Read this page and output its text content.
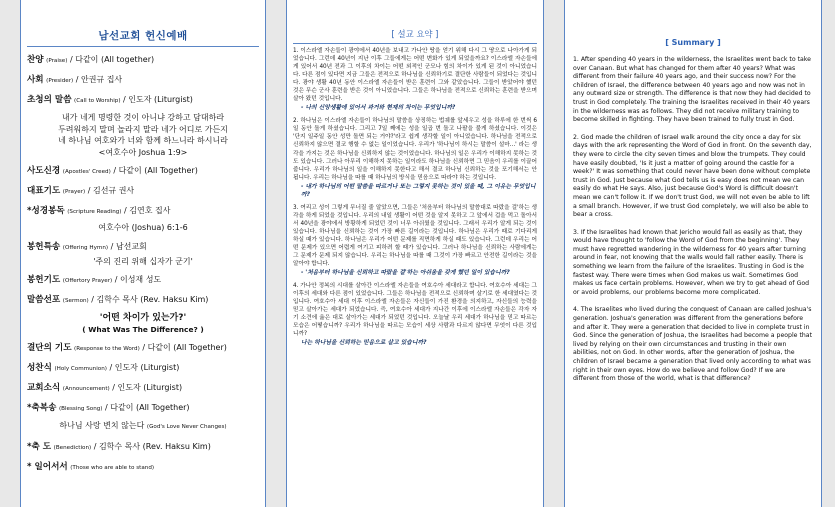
남선교회 헌신예배
찬양 (Praise) / 다같이 (All together)
사회 (Presider) / 안권규 집사
초청의 말씀 (Call to Worship) / 인도자 (Liturgist)
내가 네게 명령한 것이 아니냐 강하고 담대하라
두려워하지 말며 놀라지 말라 네가 어디로 가든지
네 하나님 여호와가 너와 함께 하느니라 하시니라
<여호수아 Joshua 1:9>
사도신경 (Apostles' Creed) / 다같이 (All Together)
대표기도 (Prayer) / 김선규 권사
*성경봉독 (Scripture Reading) / 김연호 집사
여호수아 (Joshua) 6:1-6
봉헌특송 (Offering Hymn) / 남선교회
'주의 진리 위해 십자가 군기'
봉헌기도 (Offertory Prayer) / 이성재 성도
말씀선포 (Sermon) / 김학수 목사 (Rev. Haksu Kim)
'어떤 차이가 있는가?'
( What Was The Difference? )
결단의 기도 (Response to the Word) / 다같이 (All Together)
성찬식 (Holy Communion) / 인도자 (Liturgist)
교회소식 (Announcement) / 인도자 (Liturgist)
*축복송 (Blessing Song) / 다같이 (All Together)
하나님 사랑 변치 않는다 (God's Love Never Changes)
*축 도 (Benediction) / 김학수 목사 (Rev. Haksu Kim)
* 일어서서 (Those who are able to stand)
[ 설교 요약 ]

1. 이스라엘 자손들이 광야에서 40년을 보내고 가나안 땅을 얻기 위해 다시 그 땅으로 나아가게 되었습니다. 그런데 40년이 지난 이후 그들에게는 어떤 변화가 있게 되었을까요? 이스라엘 자손들에게 있어서 40년 전과 그 이후의 차이는 어떤 외적인 군모나 힘의 차이가 있게 된 것이 아니었습니다. 다른 점이 있다면 지금 그들은 전적으로 하나님을 신뢰하기로 결단한 사람들이 되었다는 것입니다. 광야 생활 40년 동안 이스라엘 자손들이 받은 훈련이 그와 같았습니다. 그들이 받았어야 했던 것은 무슨 군사 훈련을 받은 것이 아니었습니다. 그들은 하나님을 전적으로 신뢰하는 훈련을 받으며 살아 왔던 것입니다.

- 나의 신앙생활에 있어서 과거와 현재의 차이는 무엇입니까?

2. 하나님은 이스라엘 자손들이 하나님의 말씀을 상징하는 법궤를 앞세우고 성을 하루에 한 번씩 6일 동안 돌게 하셨습니다. 그리고 7일 째에는 성을 일곱 번 돌고 나팔을 불게 하셨습니다. 이것은 '단지 일주일 동안 성만 돌면 되는 거야?'라고 쉽게 생각할 일이 아니었습니다. 하나님을 전적으로 신뢰하지 않으면 결코 행할 수 없는 일이었습니다. 우리가 '하나님이 하시는 말씀이 설마...' 라는 생각을 가지는 것은 하나님을 신뢰하지 않는 것이었습니다. 하나님의 일은 우리가 이해하지 못하는 것도 있습니다. 그러나 아무리 이해하지 못하는 일이라도 하나님을 신뢰하면 그 믿음이 우리를 이끌어 줍니다. 우리가 하나님의 일을 이해하지 못한다고 해서 결코 하나님 신뢰하는 것을 포기해서는 안 됩니다. 우리는 하나님을 따를 때 하나님의 방식을 믿음으로 따라야 하는 것입니다.

- 내가 하나님의 어떤 말씀을 따르거나 또는 그렇지 못하는 것이 있을 때, 그 이유는 무엇입니까?

3. 여리고 성이 그렇게 무너질 줄 알았으면, 그들은 '처음부터 하나님의 말씀대로 따랐을 걸'하는 생각을 하게 되었을 것입니다. 우리의 내일 생활이 어떤 것을 알지 못하고 그 앞에서 겁을 먹고 돌아서서 40년을 광야에서 방황하게 되었던 것이 너무 아쉬웠을 것입니다. 그래서 우리가 알게 되는 것이 있습니다. 하나님을 신뢰하는 것이 가장 빠른 길이라는 것입니다. 하나님은 우리가 때로 기다리게 하실 때가 있습니다. 하나님은 우리가 어떤 문제를 직면하게 하실 때도 있습니다. 그런데 우리는 어떤 문제가 있으면 어렵게 여기고 피하려 할 때가 있습니다. 그러나 하나님을 신뢰하는 사람에게는 그 문제가 문제 되지 않습니다. 우리는 하나님을 따를 때 그것이 가장 빠르고 안전한 길이라는 것을 알아야 합니다.

- '처음부터 하나님을 신뢰하고 따랐을 걸'하는 아쉬움을 갖게 했던 일이 있습니까?

4. 가나안 정복의 시대를 살아간 이스라엘 자손들을 여호수아 세대라고 합니다. 여호수아 세대는 그 이후의 세대와 다른 점이 있었습니다. 그들은 하나님을 전적으로 신뢰하며 살기로 한 세대였다는 것입니다. 여호수아 세대 이후 이스라엘 자손들은 자신들이 가진 환경을 의지하고, 자신들의 능력을 믿고 살아가는 세대가 되었습니다. 즉, 여호수아 세대가 지나간 이후에 이스라엘 자손들은 각자 자기 소견에 옳은 대로 살아가는 세대가 되었던 것입니다. 오늘날 우리 세대가 하나님을 믿고 따르는 모습은 어떻습니까? 우리가 하나님을 따르는 모습이 세상 사람과 다르지 않다면 무엇이 다른 것입니까?

나는 하나님을 신뢰하는 믿음으로 살고 있습니까?
[ Summary ]

1. After spending 40 years in the wilderness, the Israelites went back to take over Canaan. But what has changed for them after 40 years? What was different from their failure 40 years ago, and their success now? For the children of Israel, the difference between 40 years ago and now was not in any outward size or strength. The difference is that now they had decided to trust in God completely. The training the Israelites received in their 40 years in the wilderness was as follows. They did not receive military training to become skilled in fighting. They have been trained to fully trust in God.

2. God made the children of Israel walk around the city once a day for six days with the ark representing the Word of God in front. On the seventh day, they were to circle the city seven times and blow the trumpets. They could have easily doubted, 'Is it just a matter of going around the castle for a week?' It was something that could never have been done without complete trust in God. Just because what God tells us is easy does not mean we can easily do what He says. Also, just because God's Word is difficult doesn't mean we can't follow it. If we don't trust God, we will not even be able to lift a small branch. However, if we trust God completely, we will also be able to bear a cross.

3. If the Israelites had known that Jericho would fall as easily as that, they would have thought to 'follow the Word of God from the beginning'. They must have regretted wandering in the wilderness for 40 years after turning around in fear, not knowing that the walls would fall rather easily. There is something we learn from the failure of the Israelites. Trusting in God is the fastest way. There were times when God makes us wait. Sometimes God makes us face certain problems. However, when we try to get ahead of God or avoid problems, our problems become more complicated.

4. The Israelites who lived during the conquest of Canaan are called Joshua's generation. Joshua's generation was different from the generations before and after it. They were a generation that decided to live in complete trust in God. Since the generation of Joshua, the Israelites had become a people that lived by relying on their own circumstances and trusting in their own abilities, not on God. In other words, after the generation of Joshua, the children of Israel became a generation that lived only according to what was right in their own eyes. How do we believe and follow God? If we are different from those of the world, what is that difference?
